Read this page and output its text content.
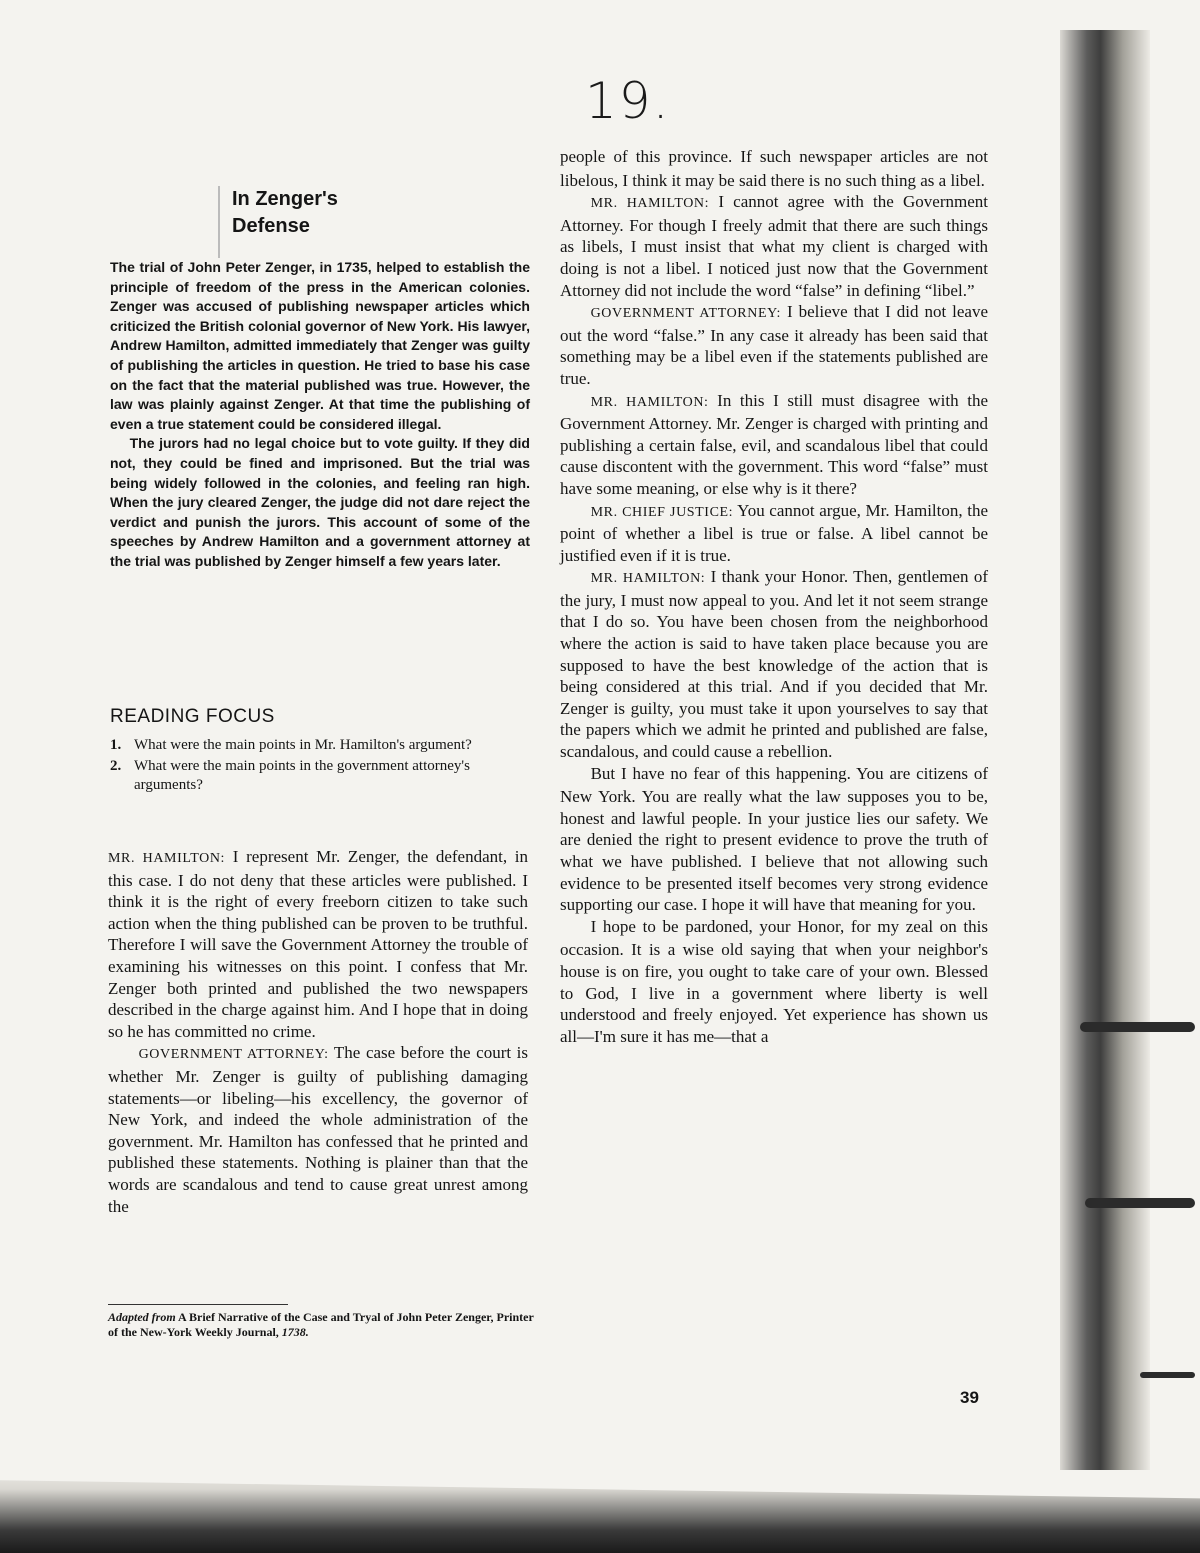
19.
In Zenger's
Defense

The trial of John Peter Zenger, in 1735, helped to establish the principle of freedom of the press in the American colonies. Zenger was accused of publishing newspaper articles which criticized the British colonial governor of New York. His lawyer, Andrew Hamilton, admitted immediately that Zenger was guilty of publishing the articles in question. He tried to base his case on the fact that the material published was true. However, the law was plainly against Zenger. At that time the publishing of even a true statement could be considered illegal.

The jurors had no legal choice but to vote guilty. If they did not, they could be fined and imprisoned. But the trial was being widely followed in the colonies, and feeling ran high. When the jury cleared Zenger, the judge did not dare reject the verdict and punish the jurors. This account of some of the speeches by Andrew Hamilton and a government attorney at the trial was published by Zenger himself a few years later.

READING FOCUS
1. What were the main points in Mr. Hamilton's argument?
2. What were the main points in the government attorney's arguments?

MR. HAMILTON: I represent Mr. Zenger, the defendant, in this case. I do not deny that these articles were published. I think it is the right of every freeborn citizen to take such action when the thing published can be proven to be truthful. Therefore I will save the Government Attorney the trouble of examining his witnesses on this point. I confess that Mr. Zenger both printed and published the two newspapers described in the charge against him. And I hope that in doing so he has committed no crime.

GOVERNMENT ATTORNEY: The case before the court is whether Mr. Zenger is guilty of publishing damaging statements—or libeling—his excellency, the governor of New York, and indeed the whole administration of the government. Mr. Hamilton has confessed that he printed and published these statements. Nothing is plainer than that the words are scandalous and tend to cause great unrest among the

Adapted from A Brief Narrative of the Case and Tryal of John Peter Zenger, Printer of the New-York Weekly Journal, 1738.

people of this province. If such newspaper articles are not libelous, I think it may be said there is no such thing as a libel.

MR. HAMILTON: I cannot agree with the Government Attorney. For though I freely admit that there are such things as libels, I must insist that what my client is charged with doing is not a libel. I noticed just now that the Government Attorney did not include the word “false” in defining “libel.”

GOVERNMENT ATTORNEY: I believe that I did not leave out the word “false.” In any case it already has been said that something may be a libel even if the statements published are true.

MR. HAMILTON: In this I still must disagree with the Government Attorney. Mr. Zenger is charged with printing and publishing a certain false, evil, and scandalous libel that could cause discontent with the government. This word “false” must have some meaning, or else why is it there?

MR. CHIEF JUSTICE: You cannot argue, Mr. Hamilton, the point of whether a libel is true or false. A libel cannot be justified even if it is true.

MR. HAMILTON: I thank your Honor. Then, gentlemen of the jury, I must now appeal to you. And let it not seem strange that I do so. You have been chosen from the neighborhood where the action is said to have taken place because you are supposed to have the best knowledge of the action that is being considered at this trial. And if you decided that Mr. Zenger is guilty, you must take it upon yourselves to say that the papers which we admit he printed and published are false, scandalous, and could cause a rebellion.

But I have no fear of this happening. You are citizens of New York. You are really what the law supposes you to be, honest and lawful people. In your justice lies our safety. We are denied the right to present evidence to prove the truth of what we have published. I believe that not allowing such evidence to be presented itself becomes very strong evidence supporting our case. I hope it will have that meaning for you.

I hope to be pardoned, your Honor, for my zeal on this occasion. It is a wise old saying that when your neighbor's house is on fire, you ought to take care of your own. Blessed to God, I live in a government where liberty is well understood and freely enjoyed. Yet experience has shown us all—I'm sure it has me—that a

39
